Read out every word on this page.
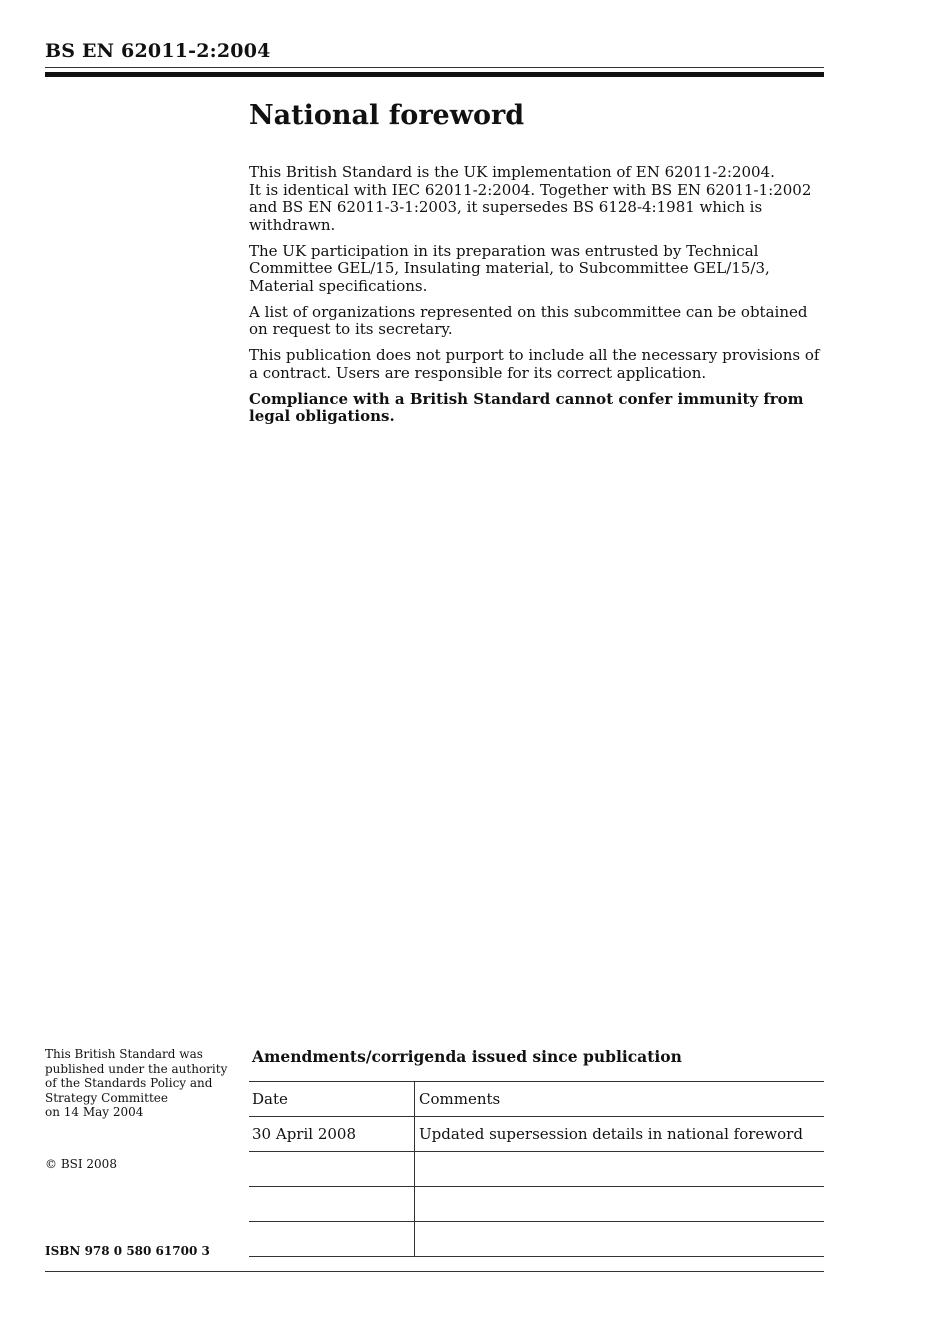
BS EN 62011-2:2004
National foreword

This British Standard is the UK implementation of EN 62011-2:2004.
It is identical with IEC 62011-2:2004. Together with BS EN 62011-1:2002 and BS EN 62011-3-1:2003, it supersedes BS 6128-4:1981 which is withdrawn.

The UK participation in its preparation was entrusted by Technical Committee GEL/15, Insulating material, to Subcommittee GEL/15/3, Material specifications.

A list of organizations represented on this subcommittee can be obtained on request to its secretary.

This publication does not purport to include all the necessary provisions of a contract. Users are responsible for its correct application.

Compliance with a British Standard cannot confer immunity from legal obligations.

This British Standard was
published under the authority
of the Standards Policy and
Strategy Committee
on 14 May 2004
© BSI 2008
ISBN 978 0 580 61700 3
Amendments/corrigenda issued since publication
Date	Comments
30 April 2008	Updated supersession details in national foreword
